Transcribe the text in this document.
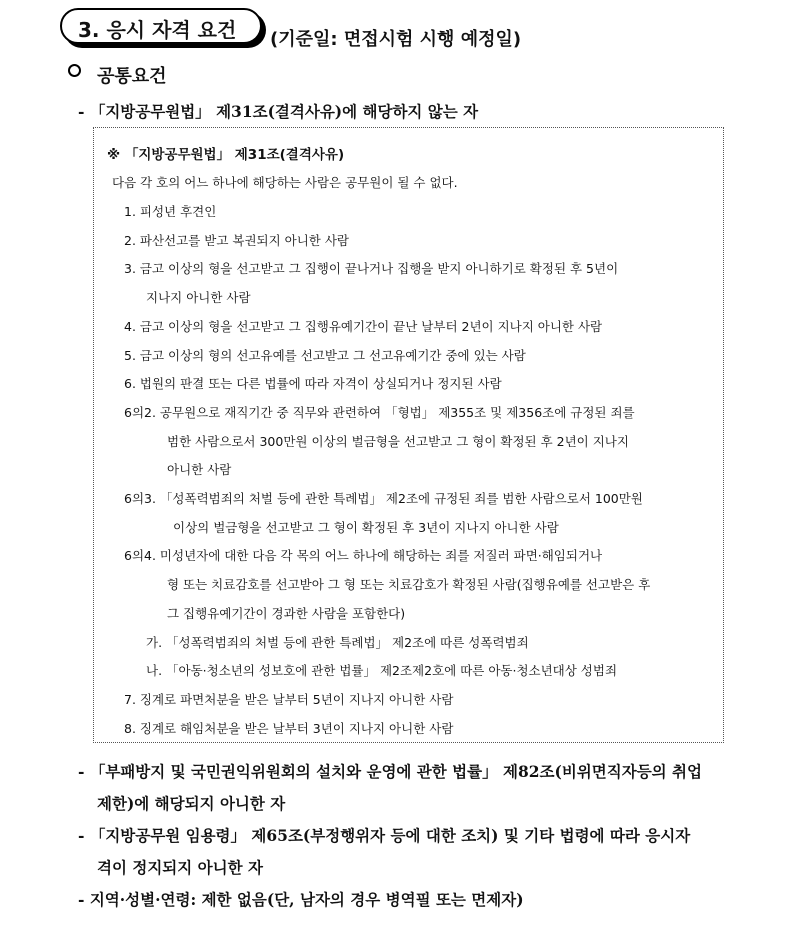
3. 응시 자격 요건 (기준일: 면접시험 시행 예정일)
공통요건
- 「지방공무원법」 제31조(결격사유)에 해당하지 않는 자
※ 「지방공무원법」 제31조(결격사유)
다음 각 호의 어느 하나에 해당하는 사람은 공무원이 될 수 없다.
1. 피성년 후견인
2. 파산선고를 받고 복권되지 아니한 사람
3. 금고 이상의 형을 선고받고 그 집행이 끝나거나 집행을 받지 아니하기로 확정된 후 5년이
지나지 아니한 사람
4. 금고 이상의 형을 선고받고 그 집행유예기간이 끝난 날부터 2년이 지나지 아니한 사람
5. 금고 이상의 형의 선고유예를 선고받고 그 선고유예기간 중에 있는 사람
6. 법원의 판결 또는 다른 법률에 따라 자격이 상실되거나 정지된 사람
6의2. 공무원으로 재직기간 중 직무와 관련하여 「형법」 제355조 및 제356조에 규정된 죄를
범한 사람으로서 300만원 이상의 벌금형을 선고받고 그 형이 확정된 후 2년이 지나지
아니한 사람
6의3. 「성폭력범죄의 처벌 등에 관한 특례법」 제2조에 규정된 죄를 범한 사람으로서 100만원
이상의 벌금형을 선고받고 그 형이 확정된 후 3년이 지나지 아니한 사람
6의4. 미성년자에 대한 다음 각 목의 어느 하나에 해당하는 죄를 저질러 파면·해임되거나
형 또는 치료감호를 선고받아 그 형 또는 치료감호가 확정된 사람(집행유예를 선고받은 후
그 집행유예기간이 경과한 사람을 포함한다)
가. 「성폭력범죄의 처벌 등에 관한 특례법」 제2조에 따른 성폭력범죄
나. 「아동·청소년의 성보호에 관한 법률」 제2조제2호에 따른 아동·청소년대상 성범죄
7. 징계로 파면처분을 받은 날부터 5년이 지나지 아니한 사람
8. 징계로 해임처분을 받은 날부터 3년이 지나지 아니한 사람
- 「부패방지 및 국민권익위원회의 설치와 운영에 관한 법률」 제82조(비위면직자등의 취업
제한)에 해당되지 아니한 자
- 「지방공무원 임용령」 제65조(부정행위자 등에 대한 조치) 및 기타 법령에 따라 응시자
격이 정지되지 아니한 자
- 지역·성별·연령: 제한 없음(단, 남자의 경우 병역필 또는 면제자)
